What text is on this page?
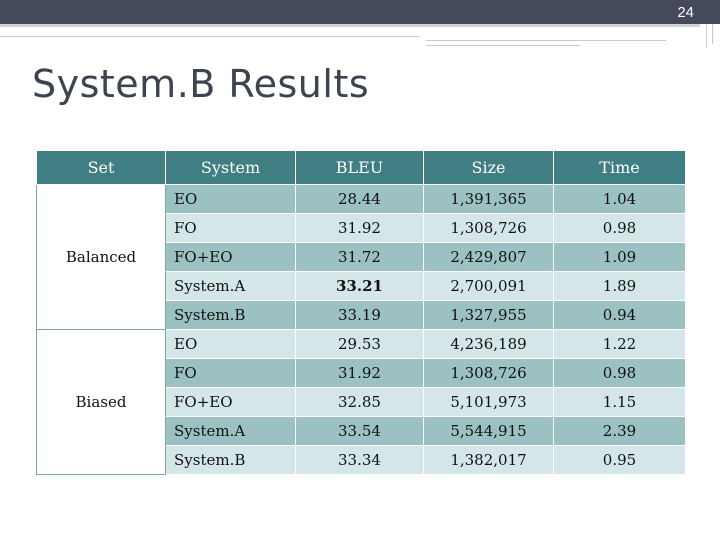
24
System.B Results
Set	System	BLEU	Size	Time
Balanced	EO	28.44	1,391,365	1.04
	FO	31.92	1,308,726	0.98
	FO+EO	31.72	2,429,807	1.09
	System.A	33.21	2,700,091	1.89
	System.B	33.19	1,327,955	0.94
Biased	EO	29.53	4,236,189	1.22
	FO	31.92	1,308,726	0.98
	FO+EO	32.85	5,101,973	1.15
	System.A	33.54	5,544,915	2.39
	System.B	33.34	1,382,017	0.95
